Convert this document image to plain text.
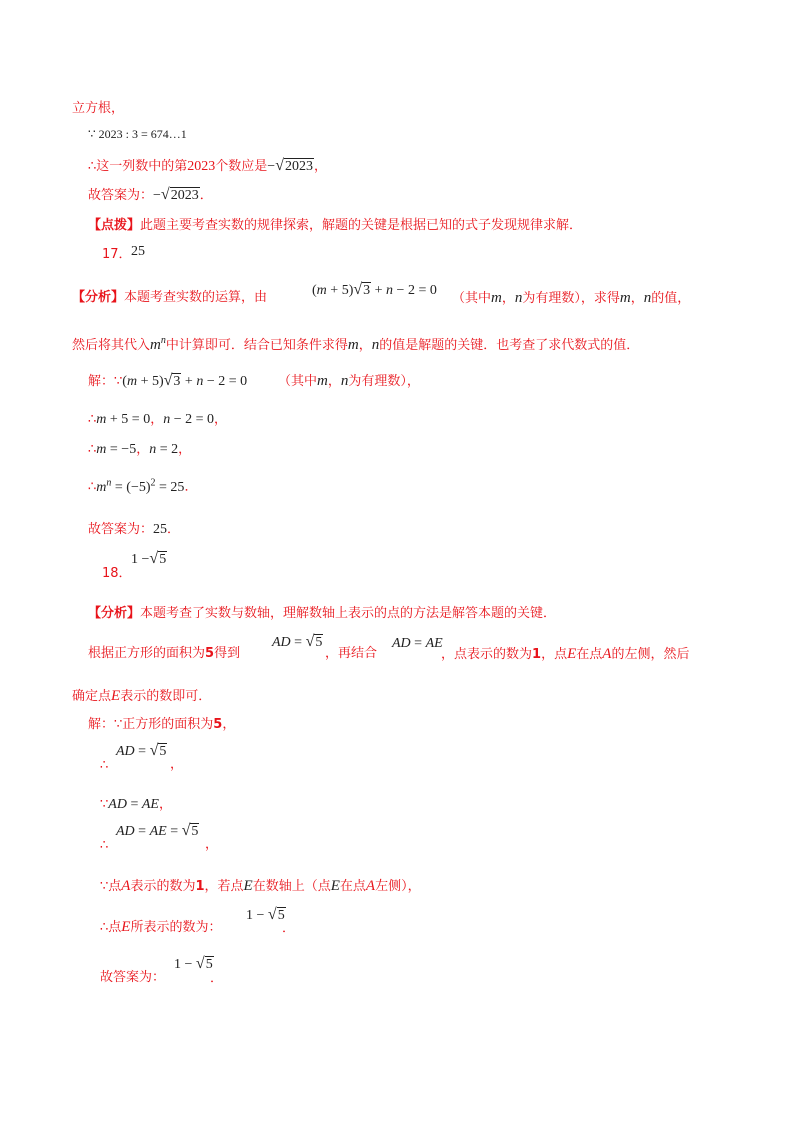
立方根，
∵ 2023 : 3 = 674…1
∴这一列数中的第2023个数应是−√2023，
故答案为：−√2023．
【点拨】此题主要考查实数的规律探索，解题的关键是根据已知的式子发现规律求解．
17． 25
【分析】本题考查实数的运算，由	(m + 5)√3 + n − 2 = 0
（其中m，n为有理数），求得m，n的值，
然后将其代入$m^n$中计算即可．结合已知条件求得m，n的值是解题的关键．也考查了求代数式的值．
解：∵(m + 5)√3 + n − 2 = 0 （其中m，n为有理数），
∴m + 5 = 0，n − 2 = 0，
∴m = −5，n = 2，
$\therefore m^n = (-5)^2 = 25$．
故答案为：25．
18．
1 −√5
【分析】本题考查了实数与数轴，理解数轴上表示的点的方法是解答本题的关键．
根据正方形的面积为5得到
AD = √5
，再结合
AD = AE
，点表示的数为1，点E在点A的左侧，然后
确定点E表示的数即可．
解：∵正方形的面积为5，
∴
AD = √5
，
∵AD = AE，
∴
AD = AE = √5
，
∵点A表示的数为1，若点E在数轴上（点E在点A左侧），
∴点E所表示的数为：
1 − √5
．
故答案为：
1 − √5
．
